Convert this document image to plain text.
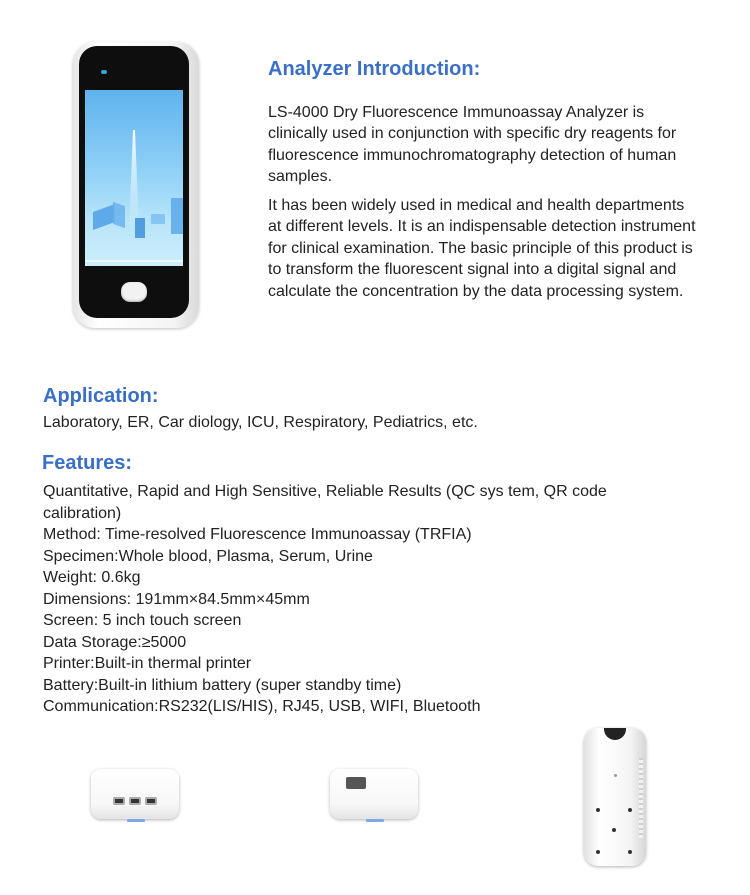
Analyzer Introduction:

LS-4000 Dry Fluorescence Immunoassay Analyzer is clinically used in conjunction with specific dry reagents for fluorescence immunochromatography detection of human samples.

It has been widely used in medical and health departments at different levels. It is an indispensable detection instrument for clinical examination. The basic principle of this product is to transform the fluorescent signal into a digital signal and calculate the concentration by the data processing system.

Application:
Laboratory, ER, Car diology, ICU, Respiratory, Pediatrics, etc.
Features:
Quantitative, Rapid and High Sensitive, Reliable Results (QC sys tem, QR code calibration)
Method: Time-resolved Fluorescence Immunoassay (TRFIA)
Specimen:Whole blood, Plasma, Serum, Urine
Weight: 0.6kg
Dimensions: 191mm×84.5mm×45mm
Screen: 5 inch touch screen
Data Storage:≥5000
Printer:Built-in thermal printer
Battery:Built-in lithium battery (super standby time)
Communication:RS232(LIS/HIS), RJ45, USB, WIFI, Bluetooth
